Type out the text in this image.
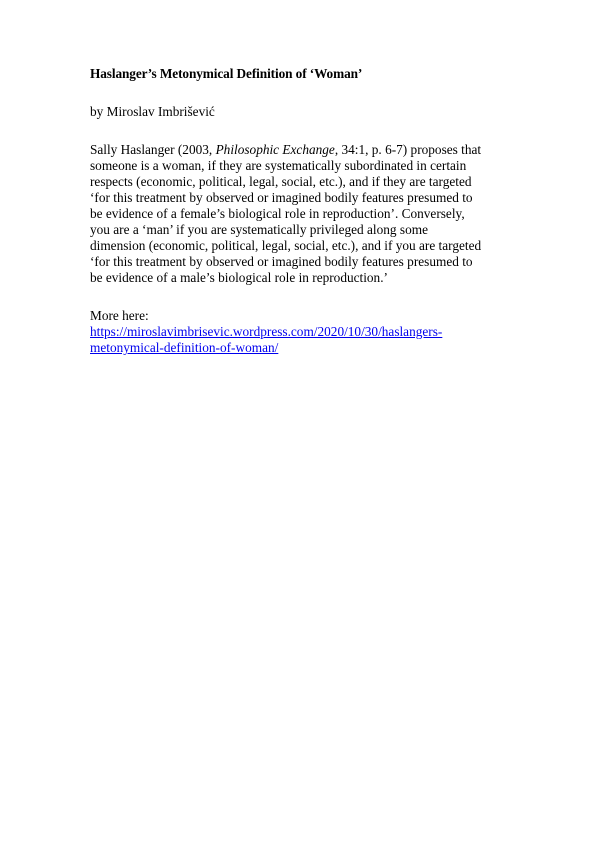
Haslanger’s Metonymical Definition of ‘Woman’

by Miroslav Imbrišević

Sally Haslanger (2003, Philosophic Exchange, 34:1, p. 6-7) proposes that
someone is a woman, if they are systematically subordinated in certain
respects (economic, political, legal, social, etc.), and if they are targeted
‘for this treatment by observed or imagined bodily features presumed to
be evidence of a female’s biological role in reproduction’. Conversely,
you are a ‘man’ if you are systematically privileged along some
dimension (economic, political, legal, social, etc.), and if you are targeted
‘for this treatment by observed or imagined bodily features presumed to
be evidence of a male’s biological role in reproduction.’

More here:
https://miroslavimbrisevic.wordpress.com/2020/10/30/haslangers-
metonymical-definition-of-woman/
